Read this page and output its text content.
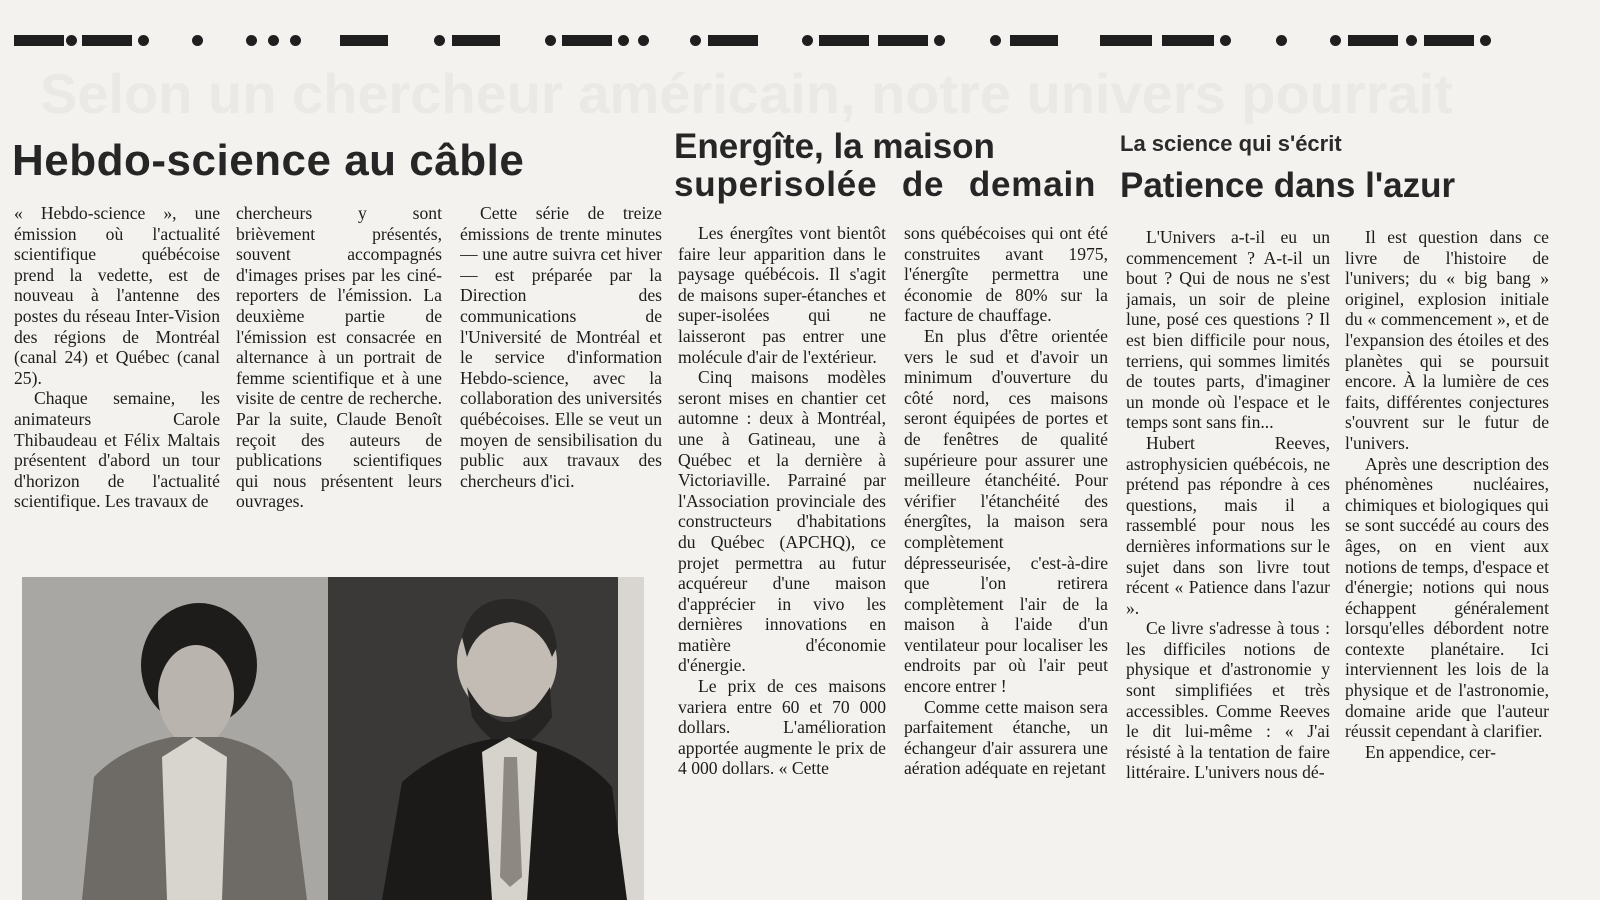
Selon un chercheur américain, notre univers pourrait
Hebdo-science au câble

« Hebdo-science », une émission où l'actualité scientifique québécoise prend la vedette, est de nouveau à l'antenne des postes du réseau Inter-Vision des régions de Montréal (canal 24) et Québec (canal 25).

Chaque semaine, les animateurs Carole Thibaudeau et Félix Maltais présentent d'abord un tour d'horizon de l'actualité scientifique. Les travaux de

chercheurs y sont brièvement présentés, souvent accompagnés d'images prises par les ciné-reporters de l'émission. La deuxième partie de l'émission est consacrée en alternance à un portrait de femme scientifique et à une visite de centre de recherche. Par la suite, Claude Benoît reçoit des auteurs de publications scientifiques qui nous présentent leurs ouvrages.

Cette série de treize émissions de trente minutes — une autre suivra cet hiver — est préparée par la Direction des communications de l'Université de Montréal et le service d'information Hebdo-science, avec la collaboration des universités québécoises. Elle se veut un moyen de sensibilisation du public aux travaux des chercheurs d'ici.

Energîte, la maison
superisolée de demain

Les énergîtes vont bientôt faire leur apparition dans le paysage québécois. Il s'agit de maisons super-étanches et super-isolées qui ne laisseront pas entrer une molécule d'air de l'extérieur.

Cinq maisons modèles seront mises en chantier cet automne : deux à Montréal, une à Gatineau, une à Québec et la dernière à Victoriaville. Parrainé par l'Association provinciale des constructeurs d'habitations du Québec (APCHQ), ce projet permettra au futur acquéreur d'une maison d'apprécier in vivo les dernières innovations en matière d'économie d'énergie.

Le prix de ces maisons variera entre 60 et 70 000 dollars. L'amélioration apportée augmente le prix de 4 000 dollars. « Cette

sons québécoises qui ont été construites avant 1975, l'énergîte permettra une économie de 80% sur la facture de chauffage.

En plus d'être orientée vers le sud et d'avoir un minimum d'ouverture du côté nord, ces maisons seront équipées de portes et de fenêtres de qualité supérieure pour assurer une meilleure étanchéité. Pour vérifier l'étanchéité des énergîtes, la maison sera complètement dépresseurisée, c'est-à-dire que l'on retirera complètement l'air de la maison à l'aide d'un ventilateur pour localiser les endroits par où l'air peut encore entrer !

Comme cette maison sera parfaitement étanche, un échangeur d'air assurera une aération adéquate en rejetant

La science qui s'écrit
Patience dans l'azur

L'Univers a-t-il eu un commencement ? A-t-il un bout ? Qui de nous ne s'est jamais, un soir de pleine lune, posé ces questions ? Il est bien difficile pour nous, terriens, qui sommes limités de toutes parts, d'imaginer un monde où l'espace et le temps sont sans fin...

Hubert Reeves, astrophysicien québécois, ne prétend pas répondre à ces questions, mais il a rassemblé pour nous les dernières informations sur le sujet dans son livre tout récent « Patience dans l'azur ».

Ce livre s'adresse à tous : les difficiles notions de physique et d'astronomie y sont simplifiées et très accessibles. Comme Reeves le dit lui-même : « J'ai résisté à la tentation de faire littéraire. L'univers nous dé-

Il est question dans ce livre de l'histoire de l'univers; du « big bang » originel, explosion initiale du « commencement », et de l'expansion des étoiles et des planètes qui se poursuit encore. À la lumière de ces faits, différentes conjectures s'ouvrent sur le futur de l'univers.

Après une description des phénomènes nucléaires, chimiques et biologiques qui se sont succédé au cours des âges, on en vient aux notions de temps, d'espace et d'énergie; notions qui nous échappent généralement lorsqu'elles débordent notre contexte planétaire. Ici interviennent les lois de la physique et de l'astronomie, domaine aride que l'auteur réussit cependant à clarifier.

En appendice, cer-
